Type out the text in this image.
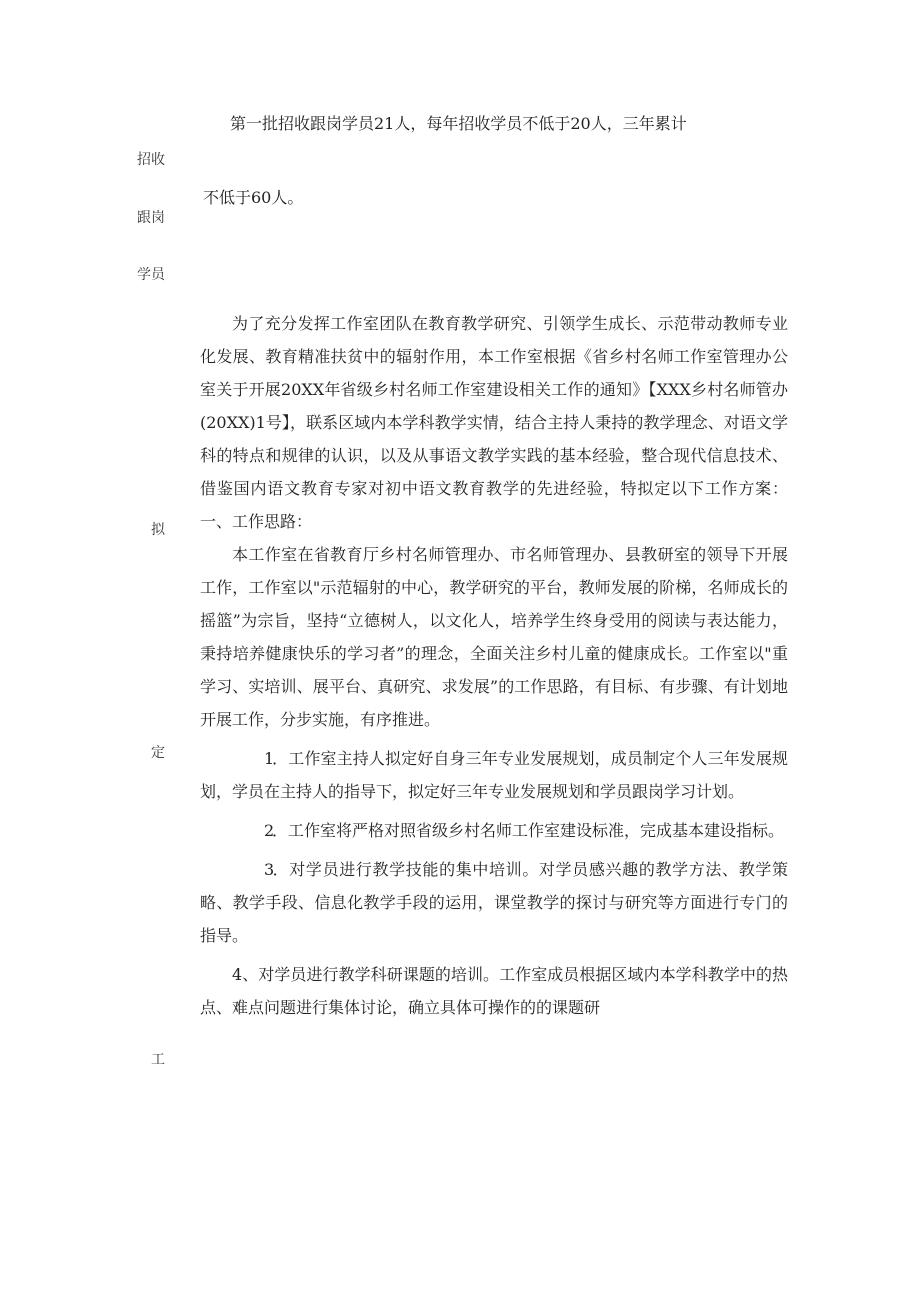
第一批招收跟岗学员21人，每年招收学员不低于20人，三年累计
不低于60人。
招收
跟岗
学员
拟
定
工

为了充分发挥工作室团队在教育教学研究、引领学生成长、示范带动教师专业化发展、教育精准扶贫中的辐射作用，本工作室根据《省乡村名师工作室管理办公室关于开展20XX年省级乡村名师工作室建设相关工作的通知》【XXX乡村名师管办(20XX)1号】，联系区域内本学科教学实情，结合主持人秉持的教学理念、对语文学科的特点和规律的认识，以及从事语文教学实践的基本经验，整合现代信息技术、借鉴国内语文教育专家对初中语文教育教学的先进经验，特拟定以下工作方案：一、工作思路：

本工作室在省教育厅乡村名师管理办、市名师管理办、县教研室的领导下开展工作，工作室以"示范辐射的中心，教学研究的平台，教师发展的阶梯，名师成长的摇篮”为宗旨，坚持“立德树人，以文化人，培养学生终身受用的阅读与表达能力，秉持培养健康快乐的学习者”的理念，全面关注乡村儿童的健康成长。工作室以"重学习、实培训、展平台、真研究、求发展”的工作思路，有目标、有步骤、有计划地开展工作，分步实施，有序推进。

1．工作室主持人拟定好自身三年专业发展规划，成员制定个人三年发展规划，学员在主持人的指导下，拟定好三年专业发展规划和学员跟岗学习计划。

2．工作室将严格对照省级乡村名师工作室建设标准，完成基本建设指标。

3．对学员进行教学技能的集中培训。对学员感兴趣的教学方法、教学策略、教学手段、信息化教学手段的运用，课堂教学的探讨与研究等方面进行专门的指导。

4、对学员进行教学科研课题的培训。工作室成员根据区域内本学科教学中的热点、难点问题进行集体讨论，确立具体可操作的的课题研
